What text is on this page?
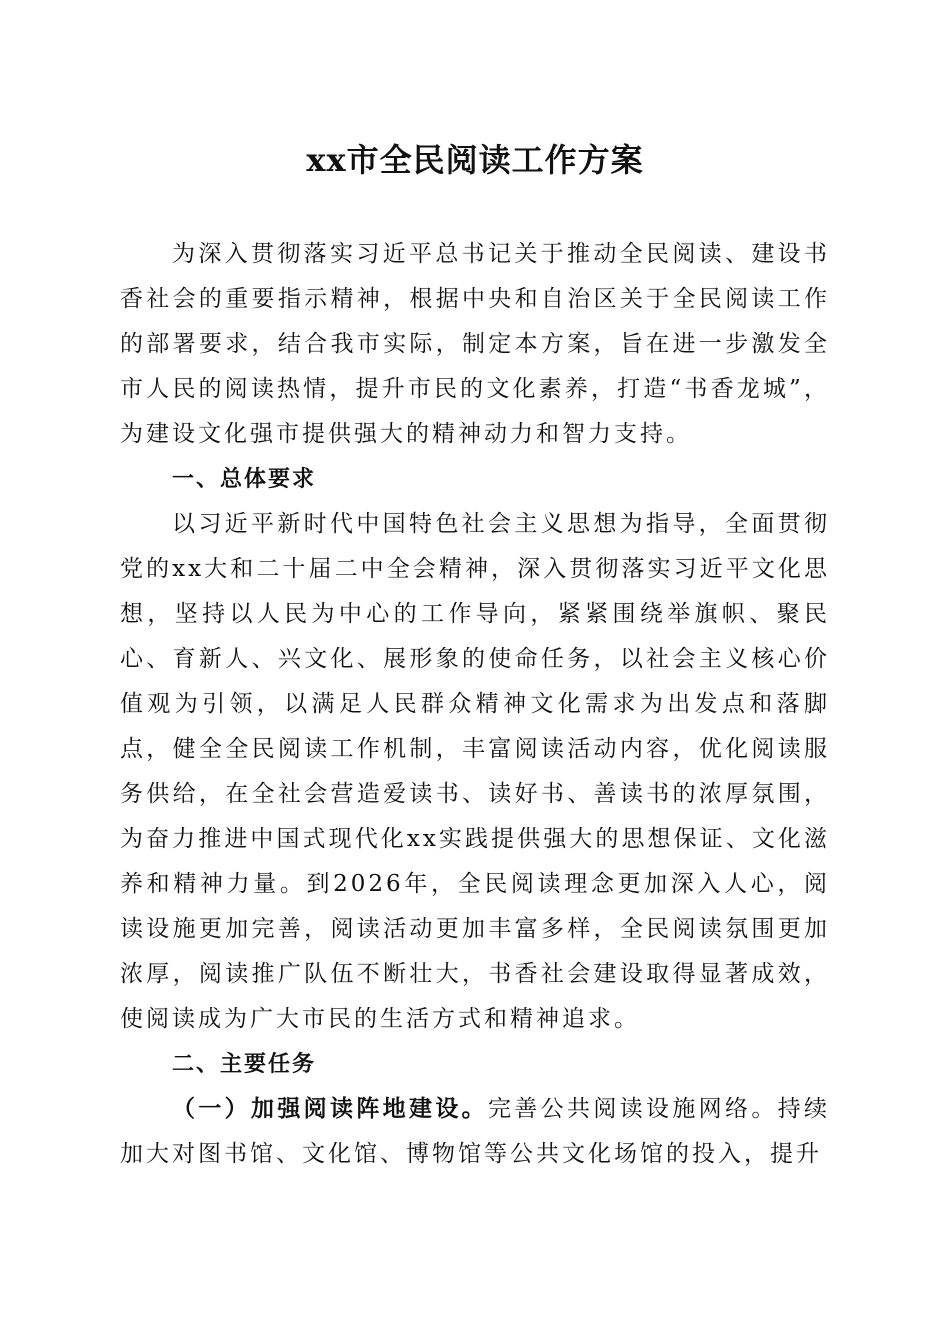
xx市全民阅读工作方案

为深入贯彻落实习近平总书记关于推动全民阅读、建设书香社会的重要指示精神，根据中央和自治区关于全民阅读工作的部署要求，结合我市实际，制定本方案，旨在进一步激发全市人民的阅读热情，提升市民的文化素养，打造“书香龙城”，为建设文化强市提供强大的精神动力和智力支持。

一、总体要求

以习近平新时代中国特色社会主义思想为指导，全面贯彻党的xx大和二十届二中全会精神，深入贯彻落实习近平文化思想，坚持以人民为中心的工作导向，紧紧围绕举旗帜、聚民心、育新人、兴文化、展形象的使命任务，以社会主义核心价值观为引领，以满足人民群众精神文化需求为出发点和落脚点，健全全民阅读工作机制，丰富阅读活动内容，优化阅读服务供给，在全社会营造爱读书、读好书、善读书的浓厚氛围，为奋力推进中国式现代化xx实践提供强大的思想保证、文化滋养和精神力量。到2026年，全民阅读理念更加深入人心，阅读设施更加完善，阅读活动更加丰富多样，全民阅读氛围更加浓厚，阅读推广队伍不断壮大，书香社会建设取得显著成效，使阅读成为广大市民的生活方式和精神追求。

二、主要任务

（一）加强阅读阵地建设。完善公共阅读设施网络。持续加大对图书馆、文化馆、博物馆等公共文化场馆的投入，提升
